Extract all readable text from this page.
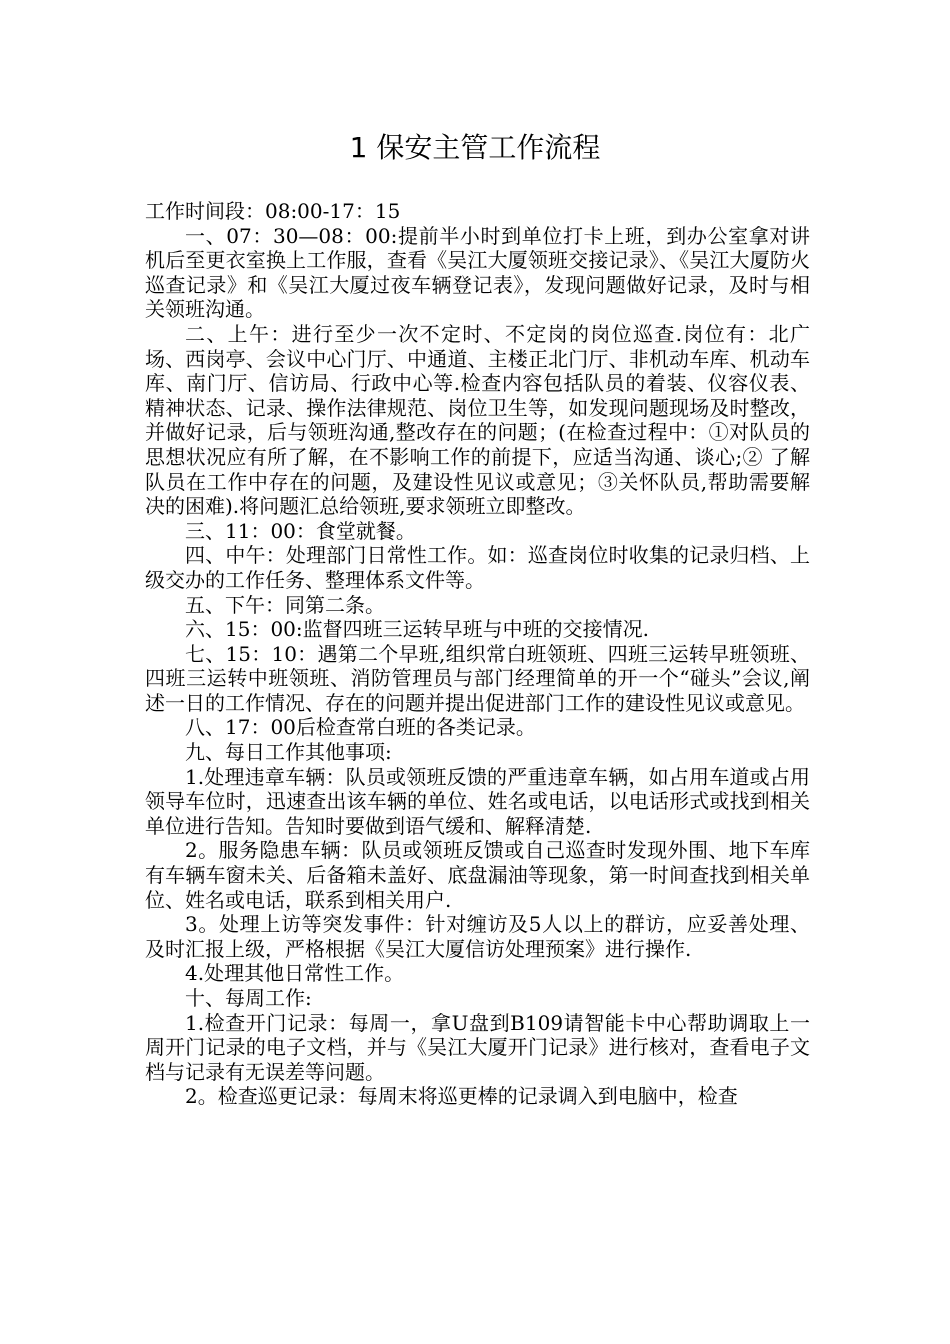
1 保安主管工作流程

工作时间段：08:00-17：15

一、07：30—08：00:提前半小时到单位打卡上班，到办公室拿对讲机后至更衣室换上工作服，查看《吴江大厦领班交接记录》、《吴江大厦防火巡查记录》和《吴江大厦过夜车辆登记表》，发现问题做好记录，及时与相关领班沟通。

二、上午：进行至少一次不定时、不定岗的岗位巡查.岗位有：北广场、西岗亭、会议中心门厅、中通道、主楼正北门厅、非机动车库、机动车库、南门厅、信访局、行政中心等.检查内容包括队员的着装、仪容仪表、精神状态、记录、操作法律规范、岗位卫生等，如发现问题现场及时整改，并做好记录，后与领班沟通,整改存在的问题；(在检查过程中：①对队员的思想状况应有所了解，在不影响工作的前提下，应适当沟通、谈心;② 了解队员在工作中存在的问题，及建设性见议或意见；③关怀队员,帮助需要解决的困难).将问题汇总给领班,要求领班立即整改。

三、11：00：食堂就餐。

四、中午：处理部门日常性工作。如：巡查岗位时收集的记录归档、上级交办的工作任务、整理体系文件等。

五、下午：同第二条。

六、15：00:监督四班三运转早班与中班的交接情况.

七、15：10：遇第二个早班,组织常白班领班、四班三运转早班领班、四班三运转中班领班、消防管理员与部门经理简单的开一个“碰头”会议,阐述一日的工作情况、存在的问题并提出促进部门工作的建设性见议或意见。

八、17：00后检查常白班的各类记录。

九、每日工作其他事项:

1.处理违章车辆：队员或领班反馈的严重违章车辆，如占用车道或占用领导车位时，迅速查出该车辆的单位、姓名或电话，以电话形式或找到相关单位进行告知。告知时要做到语气缓和、解释清楚.

2。服务隐患车辆：队员或领班反馈或自己巡查时发现外围、地下车库有车辆车窗未关、后备箱未盖好、底盘漏油等现象，第一时间查找到相关单位、姓名或电话，联系到相关用户.

3。处理上访等突发事件：针对缠访及5人以上的群访，应妥善处理、及时汇报上级，严格根据《吴江大厦信访处理预案》进行操作.

4.处理其他日常性工作。

十、每周工作:

1.检查开门记录：每周一，拿U盘到B109请智能卡中心帮助调取上一周开门记录的电子文档，并与《吴江大厦开门记录》进行核对，查看电子文档与记录有无误差等问题。

2。检查巡更记录：每周末将巡更棒的记录调入到电脑中，检查
